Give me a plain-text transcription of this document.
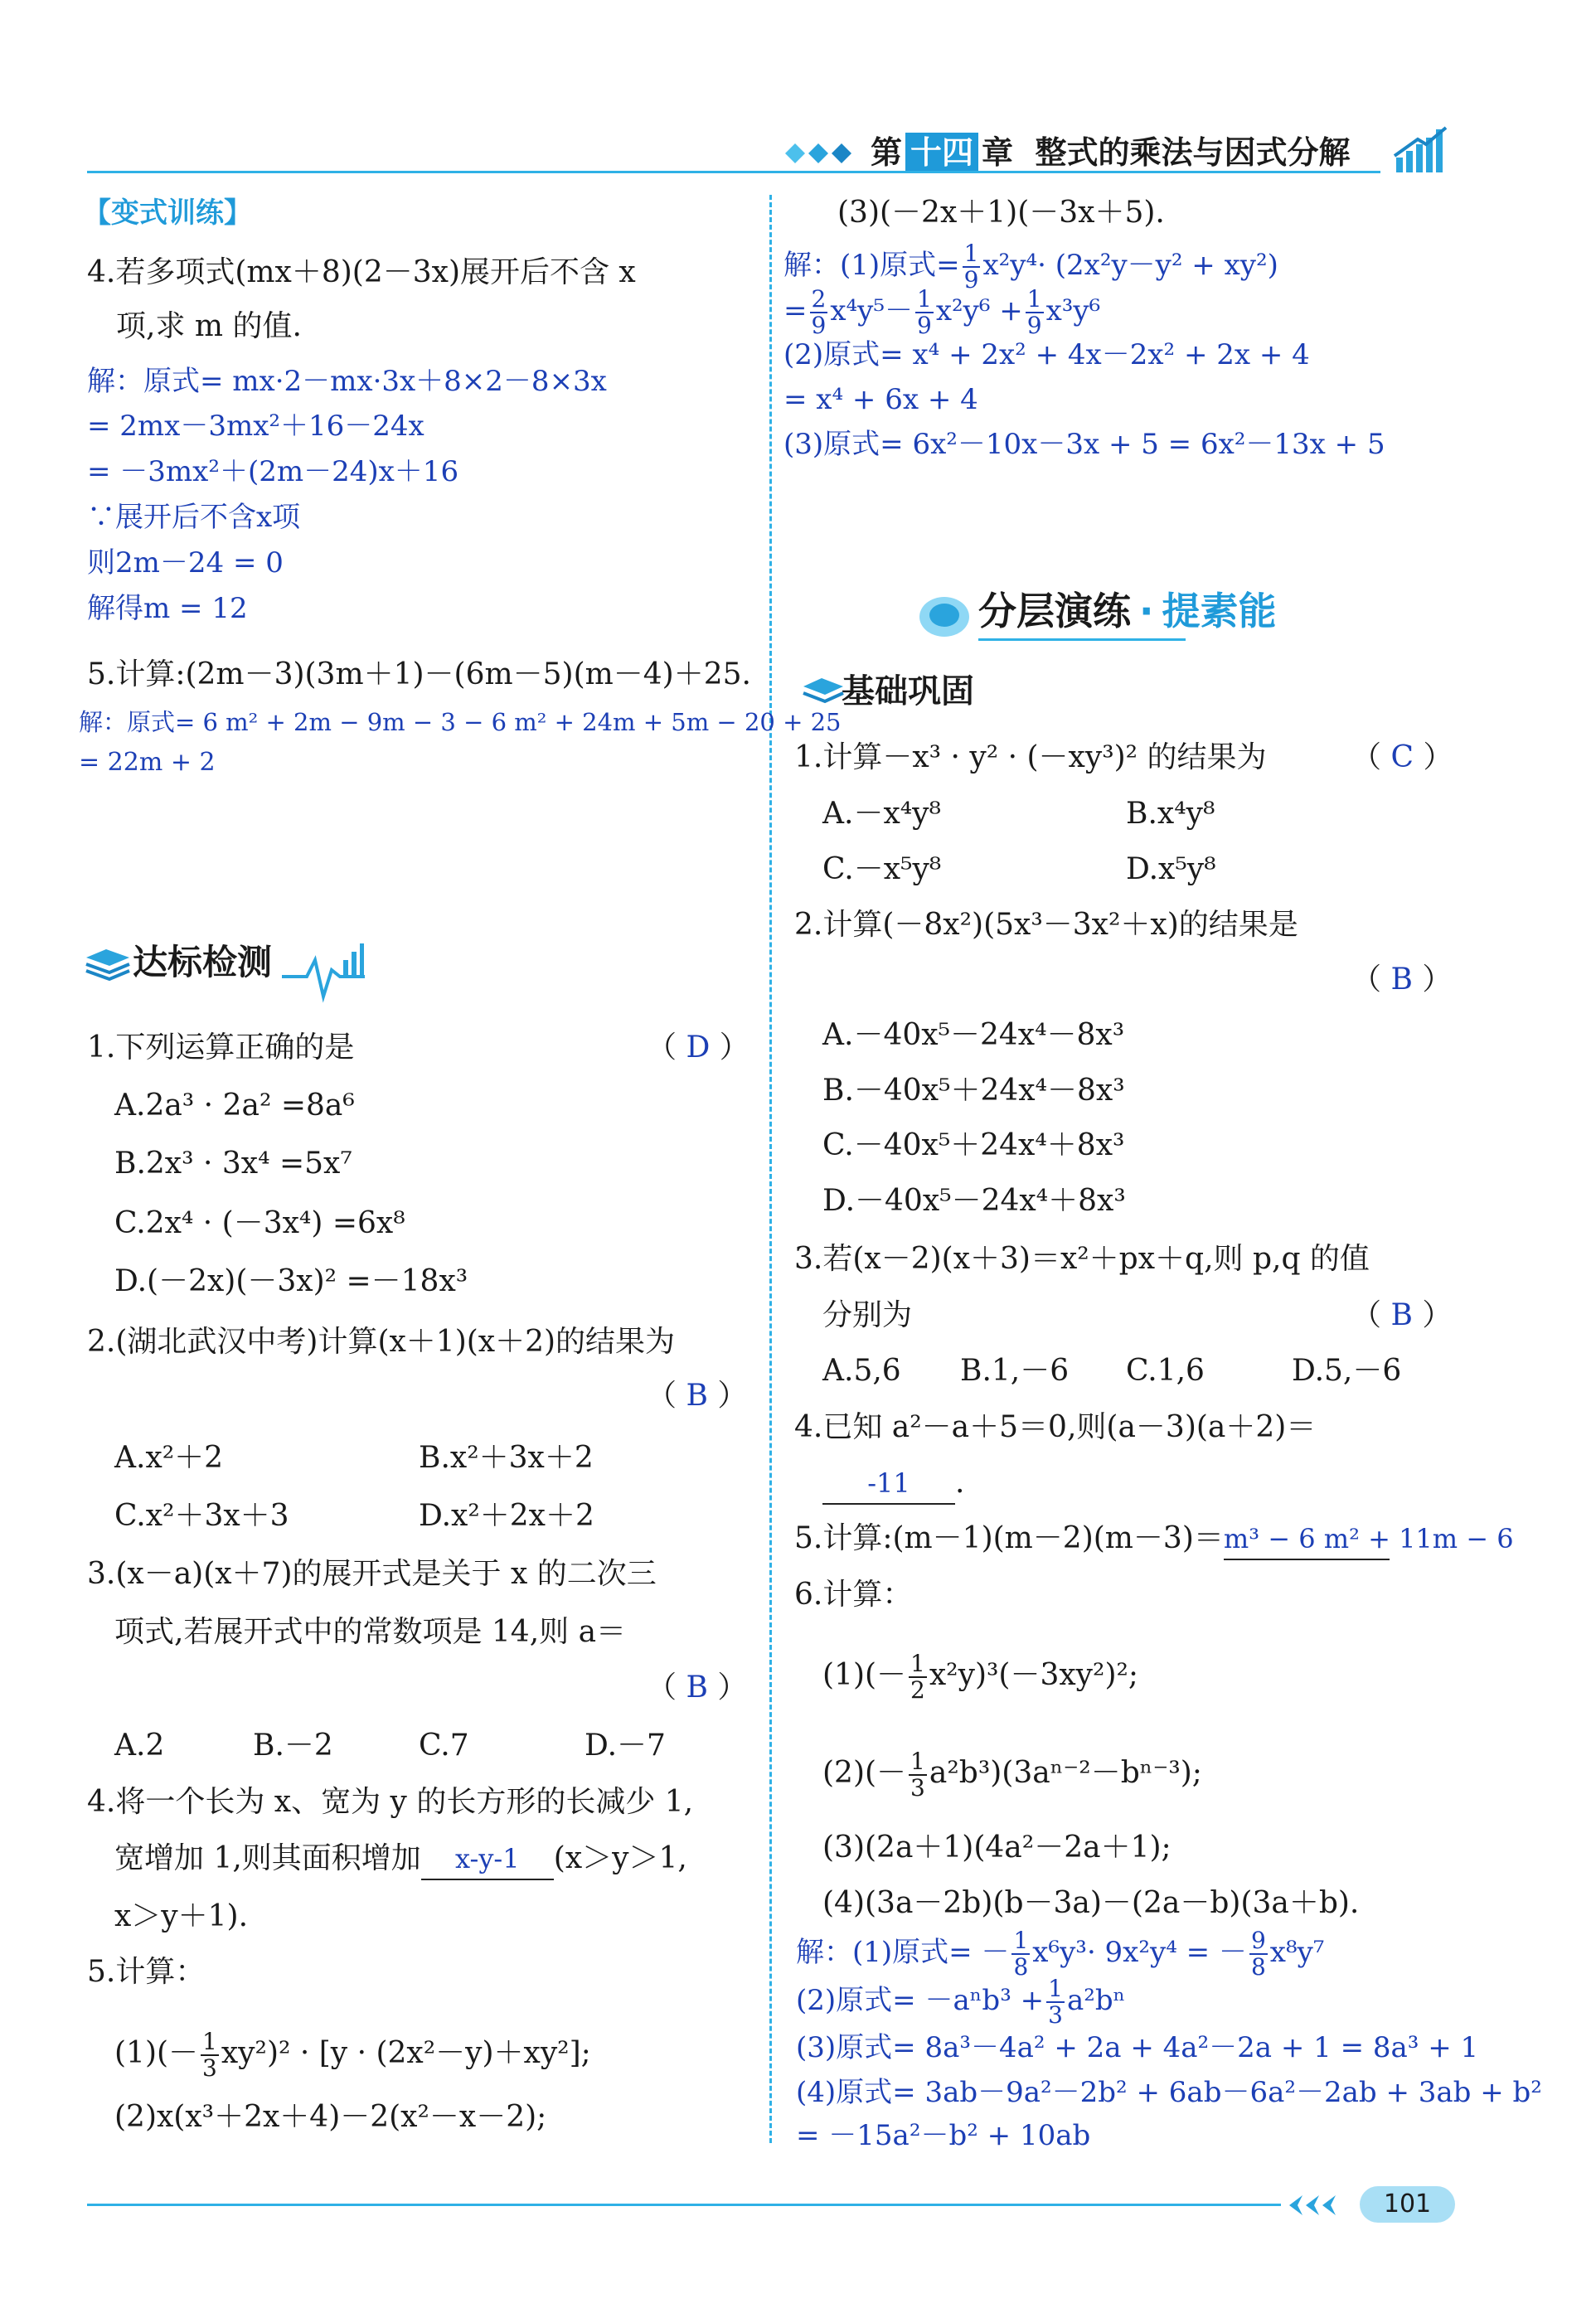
第 十四 章 整式的乘法与因式分解
【变式训练】
4.若多项式(mx＋8)(2－3x)展开后不含 x
项,求 m 的值.
解：原式= mx·2－mx·3x＋8×2－8×3x
= 2mx－3mx²＋16－24x
= －3mx²＋(2m－24)x＋16
∵展开后不含x项
则2m－24 = 0
解得m = 12
5.计算:(2m－3)(3m＋1)－(6m－5)(m－4)＋25.
解：原式= 6 m² + 2m − 9m − 3 − 6 m² + 24m + 5m − 20 + 25
= 22m + 2
达标检测
1.下列运算正确的是	（ D ）
A.2a³ · 2a² =8a⁶
B.2x³ · 3x⁴ =5x⁷
C.2x⁴ · (－3x⁴) =6x⁸
D.(－2x)(－3x)² =－18x³
2.(湖北武汉中考)计算(x＋1)(x＋2)的结果为
（ B ）
A.x²＋2	B.x²＋3x＋2
C.x²＋3x＋3	D.x²＋2x＋2
3.(x－a)(x＋7)的展开式是关于 x 的二次三
项式,若展开式中的常数项是 14,则 a＝
（ B ）
A.2	B.－2	C.7	D.－7
4.将一个长为 x、宽为 y 的长方形的长减少 1,
宽增加 1,则其面积增加 x-y-1 (x＞y＞1,
x＞y＋1).
5.计算：
$(1)(- \frac{1}{3} xy^2)^2 \cdot [y \cdot (2x^2-y)+xy^2]$;
(2)x(x³＋2x＋4)－2(x²－x－2);
(3)(－2x＋1)(－3x＋5).
解：(1)原式= $\frac{1}{9} x^2y^4\cdot (2x^2y-y^2 + xy^2)$
= $\frac{2}{9} x^4y^5- \frac{1}{9} x^2y^6 + \frac{1}{9} x^3y^6$
(2)原式= x⁴ + 2x² + 4x－2x² + 2x + 4
= x⁴ + 6x + 4
(3)原式= 6x²－10x－3x + 5 = 6x²－13x + 5
分层演练 · 提素能
基础巩固
1.计算－x³ · y² · (－xy³)² 的结果为	（ C ）
A.－x⁴y⁸	B.x⁴y⁸
C.－x⁵y⁸	D.x⁵y⁸
2.计算(－8x²)(5x³－3x²＋x)的结果是
（ B ）
A.－40x⁵－24x⁴－8x³
B.－40x⁵＋24x⁴－8x³
C.－40x⁵＋24x⁴＋8x³
D.－40x⁵－24x⁴＋8x³
3.若(x－2)(x＋3)＝x²＋px＋q,则 p,q 的值
分别为	（ B ）
A.5,6 B.1,－6 C.1,6	D.5,－6
4.已知 a²－a＋5＝0,则(a－3)(a＋2)＝
-11 .
5.计算:(m－1)(m－2)(m－3)＝m³ − 6 m² + 11m − 6
6.计算：
$(1)(- \frac{1}{2} x^2y)^3(-3xy^2)^2$;
$(2)(- \frac{1}{3} a^2b^3)(3a^{n-2}-b^{n-3})$;
(3)(2a＋1)(4a²－2a＋1);
(4)(3a－2b)(b－3a)－(2a－b)(3a＋b).
解：(1)原式= － $\frac{1}{8} x^6y^3\cdot 9x^2y^4$ = － $\frac{9}{8} x^8y^7$
(2)原式= $-a^nb^3 + \frac{1}{3} a^2b^n$
(3)原式= 8a³－4a² + 2a + 4a²－2a + 1 = 8a³ + 1
(4)原式= 3ab－9a²－2b² + 6ab－6a²－2ab + 3ab + b²
= －15a²－b² + 10ab
101
